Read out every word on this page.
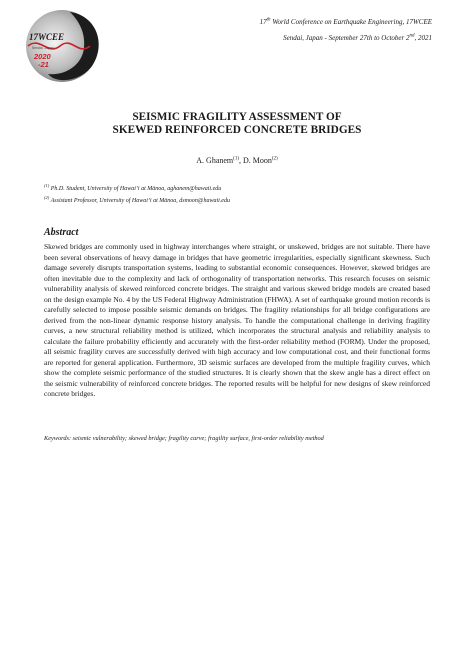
17WCEE
Sendai, Japan
2020
-21
17th World Conference on Earthquake Engineering, 17WCEE
Sendai, Japan - September 27th to October 2nd, 2021
SEISMIC FRAGILITY ASSESSMENT OF
SKEWED REINFORCED CONCRETE BRIDGES
A. Ghanem$^{(1)}$, D. Moon$^{(2)}$
$^{(1)}$ Ph.D. Student, University of Hawai’i at Mānoa, aghanem@hawaii.edu
$^{(2)}$ Assistant Professor, University of Hawai’i at Mānoa, dsmoon@hawaii.edu
Abstract

Skewed bridges are commonly used in highway interchanges where straight, or unskewed, bridges are not suitable. There have been several observations of heavy damage in bridges that have geometric irregularities, especially significant skewness. Such damage severely disrupts transportation systems, leading to substantial economic consequences. However, skewed bridges are often inevitable due to the complexity and lack of orthogonality of transportation networks. This research focuses on seismic vulnerability analysis of skewed reinforced concrete bridges. The straight and various skewed bridge models are created based on the design example No. 4 by the US Federal Highway Administration (FHWA). A set of earthquake ground motion records is carefully selected to impose possible seismic demands on bridges. The fragility relationships for all bridge configurations are derived from the non-linear dynamic response history analysis. To handle the computational challenge in deriving fragility curves, a new structural reliability method is utilized, which incorporates the structural analysis and reliability analysis to calculate the failure probability efficiently and accurately with the first-order reliability method (FORM). Under the proposed, all seismic fragility curves are successfully derived with high accuracy and low computational cost, and their functional forms are reported for general application. Furthermore, 3D seismic surfaces are developed from the multiple fragility curves, which show the complete seismic performance of the studied structures. It is clearly shown that the skew angle has a direct effect on the seismic vulnerability of reinforced concrete bridges. The reported results will be helpful for new designs of skew reinforced concrete bridges.

Keywords: seismic vulnerability; skewed bridge; fragility curve; fragility surface, first-order reliability method
